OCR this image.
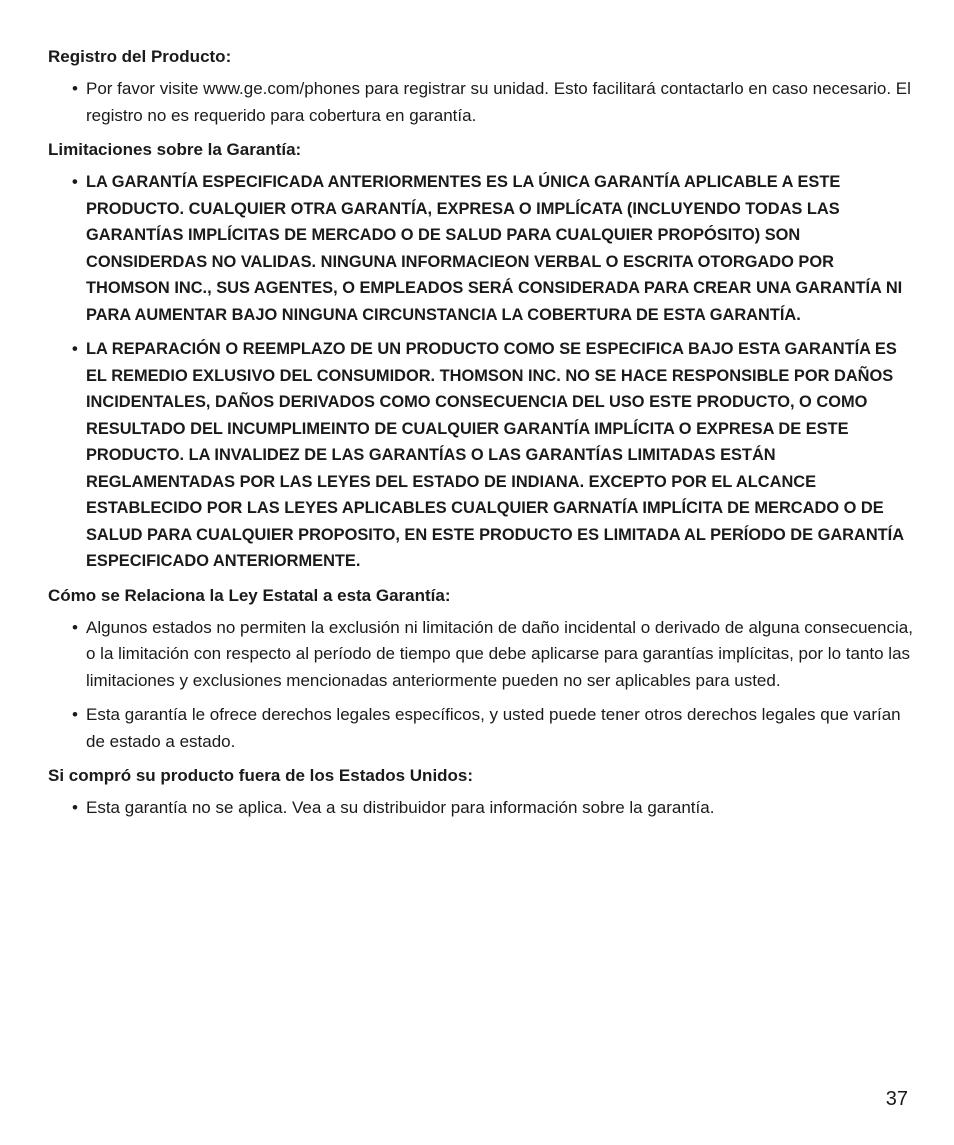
Registro del Producto:
• Por favor visite www.ge.com/phones para registrar su unidad. Esto facilitará contactarlo en caso necesario. El registro no es requerido para cobertura en garantía.
Limitaciones sobre la Garantía:
• LA GARANTÍA ESPECIFICADA ANTERIORMENTES ES LA ÚNICA GARANTÍA APLICABLE A ESTE PRODUCTO. CUALQUIER OTRA GARANTÍA, EXPRESA O IMPLÍCATA (INCLUYENDO TODAS LAS GARANTÍAS IMPLÍCITAS DE MERCADO O DE SALUD PARA CUALQUIER PROPÓSITO) SON CONSIDERDAS NO VALIDAS. NINGUNA INFORMACIEON VERBAL O ESCRITA OTORGADO POR THOMSON INC., SUS AGENTES, O EMPLEADOS SERÁ CONSIDERADA PARA CREAR UNA GARANTÍA NI PARA AUMENTAR BAJO NINGUNA CIRCUNSTANCIA LA COBERTURA DE ESTA GARANTÍA.
• LA REPARACIÓN O REEMPLAZO DE UN PRODUCTO COMO SE ESPECIFICA BAJO ESTA GARANTÍA ES EL REMEDIO EXLUSIVO DEL CONSUMIDOR. THOMSON INC. NO SE HACE RESPONSIBLE POR DAÑOS INCIDENTALES, DAÑOS DERIVADOS COMO CONSECUENCIA DEL USO ESTE PRODUCTO, O COMO RESULTADO DEL INCUMPLIMEINTO DE CUALQUIER GARANTÍA IMPLÍCITA O EXPRESA DE ESTE PRODUCTO. LA INVALIDEZ DE LAS GARANTÍAS O LAS GARANTÍAS LIMITADAS ESTÁN REGLAMENTADAS POR LAS LEYES DEL ESTADO DE INDIANA. EXCEPTO POR EL ALCANCE ESTABLECIDO POR LAS LEYES APLICABLES CUALQUIER GARNATÍA IMPLÍCITA DE MERCADO O DE SALUD PARA CUALQUIER PROPOSITO, EN ESTE PRODUCTO ES LIMITADA AL PERÍODO DE GARANTÍA ESPECIFICADO ANTERIORMENTE.
Cómo se Relaciona la Ley Estatal a esta Garantía:
• Algunos estados no permiten la exclusión ni limitación de daño incidental o derivado de alguna consecuencia, o la limitación con respecto al período de tiempo que debe aplicarse para garantías implícitas, por lo tanto las limitaciones y exclusiones mencionadas anteriormente pueden no ser aplicables para usted.
• Esta garantía le ofrece derechos legales específicos, y usted puede tener otros derechos legales que varían de estado a estado.
Si compró su producto fuera de los Estados Unidos:
• Esta garantía no se aplica. Vea a su distribuidor para información sobre la garantía.
37
